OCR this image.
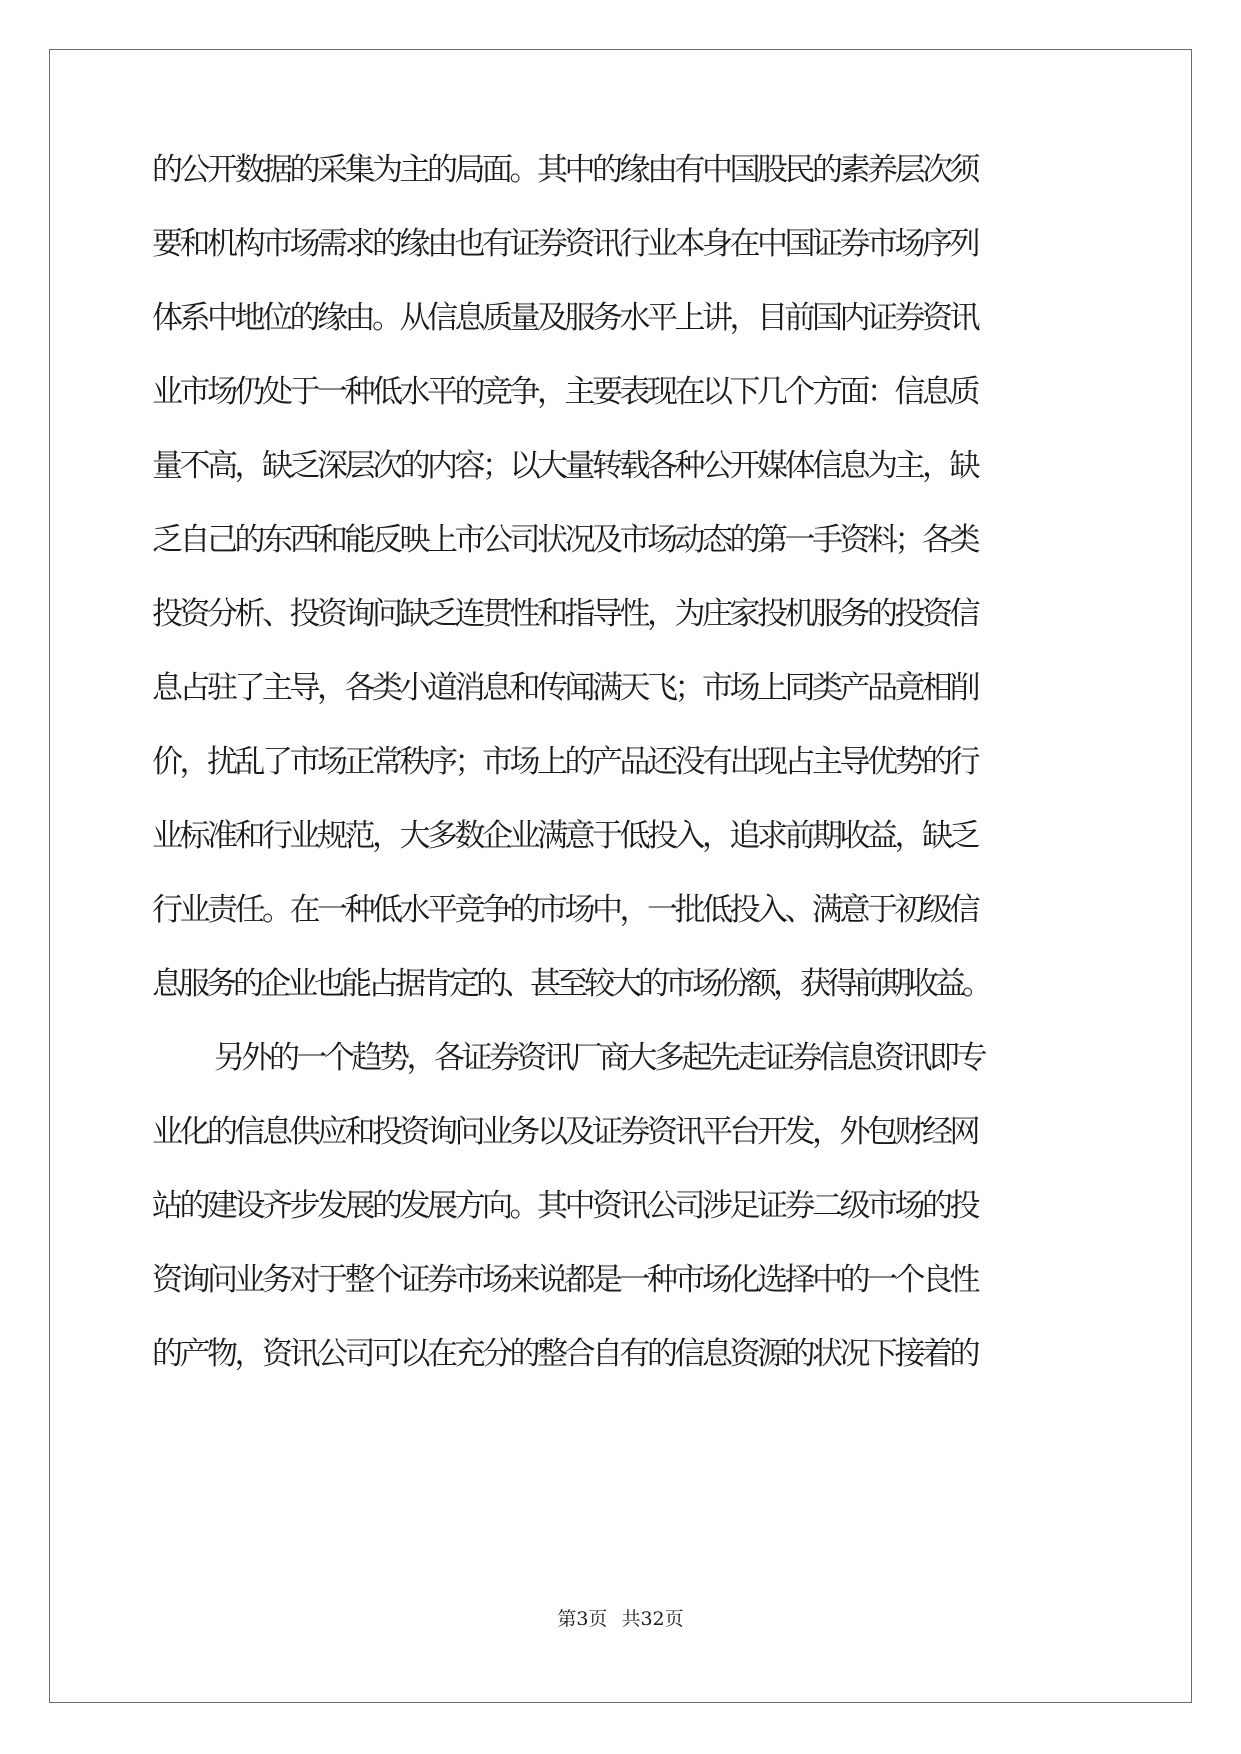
的公开数据的采集为主的局面。其中的缘由有中国股民的素养层次须
要和机构市场需求的缘由也有证券资讯行业本身在中国证券市场序列
体系中地位的缘由。从信息质量及服务水平上讲，目前国内证券资讯
业市场仍处于一种低水平的竞争，主要表现在以下几个方面：信息质
量不高，缺乏深层次的内容；以大量转载各种公开媒体信息为主，缺
乏自己的东西和能反映上市公司状况及市场动态的第一手资料；各类
投资分析、投资询问缺乏连贯性和指导性，为庄家投机服务的投资信
息占驻了主导，各类小道消息和传闻满天飞；市场上同类产品竟相削
价，扰乱了市场正常秩序；市场上的产品还没有出现占主导优势的行
业标准和行业规范，大多数企业满意于低投入，追求前期收益，缺乏
行业责任。在一种低水平竞争的市场中，一批低投入、满意于初级信
息服务的企业也能占据肯定的、甚至较大的市场份额，获得前期收益。
另外的一个趋势，各证券资讯厂商大多起先走证券信息资讯即专
业化的信息供应和投资询问业务以及证券资讯平台开发，外包财经网
站的建设齐步发展的发展方向。其中资讯公司涉足证券二级市场的投
资询问业务对于整个证券市场来说都是一种市场化选择中的一个良性
的产物，资讯公司可以在充分的整合自有的信息资源的状况下接着的
第3页 共32页
